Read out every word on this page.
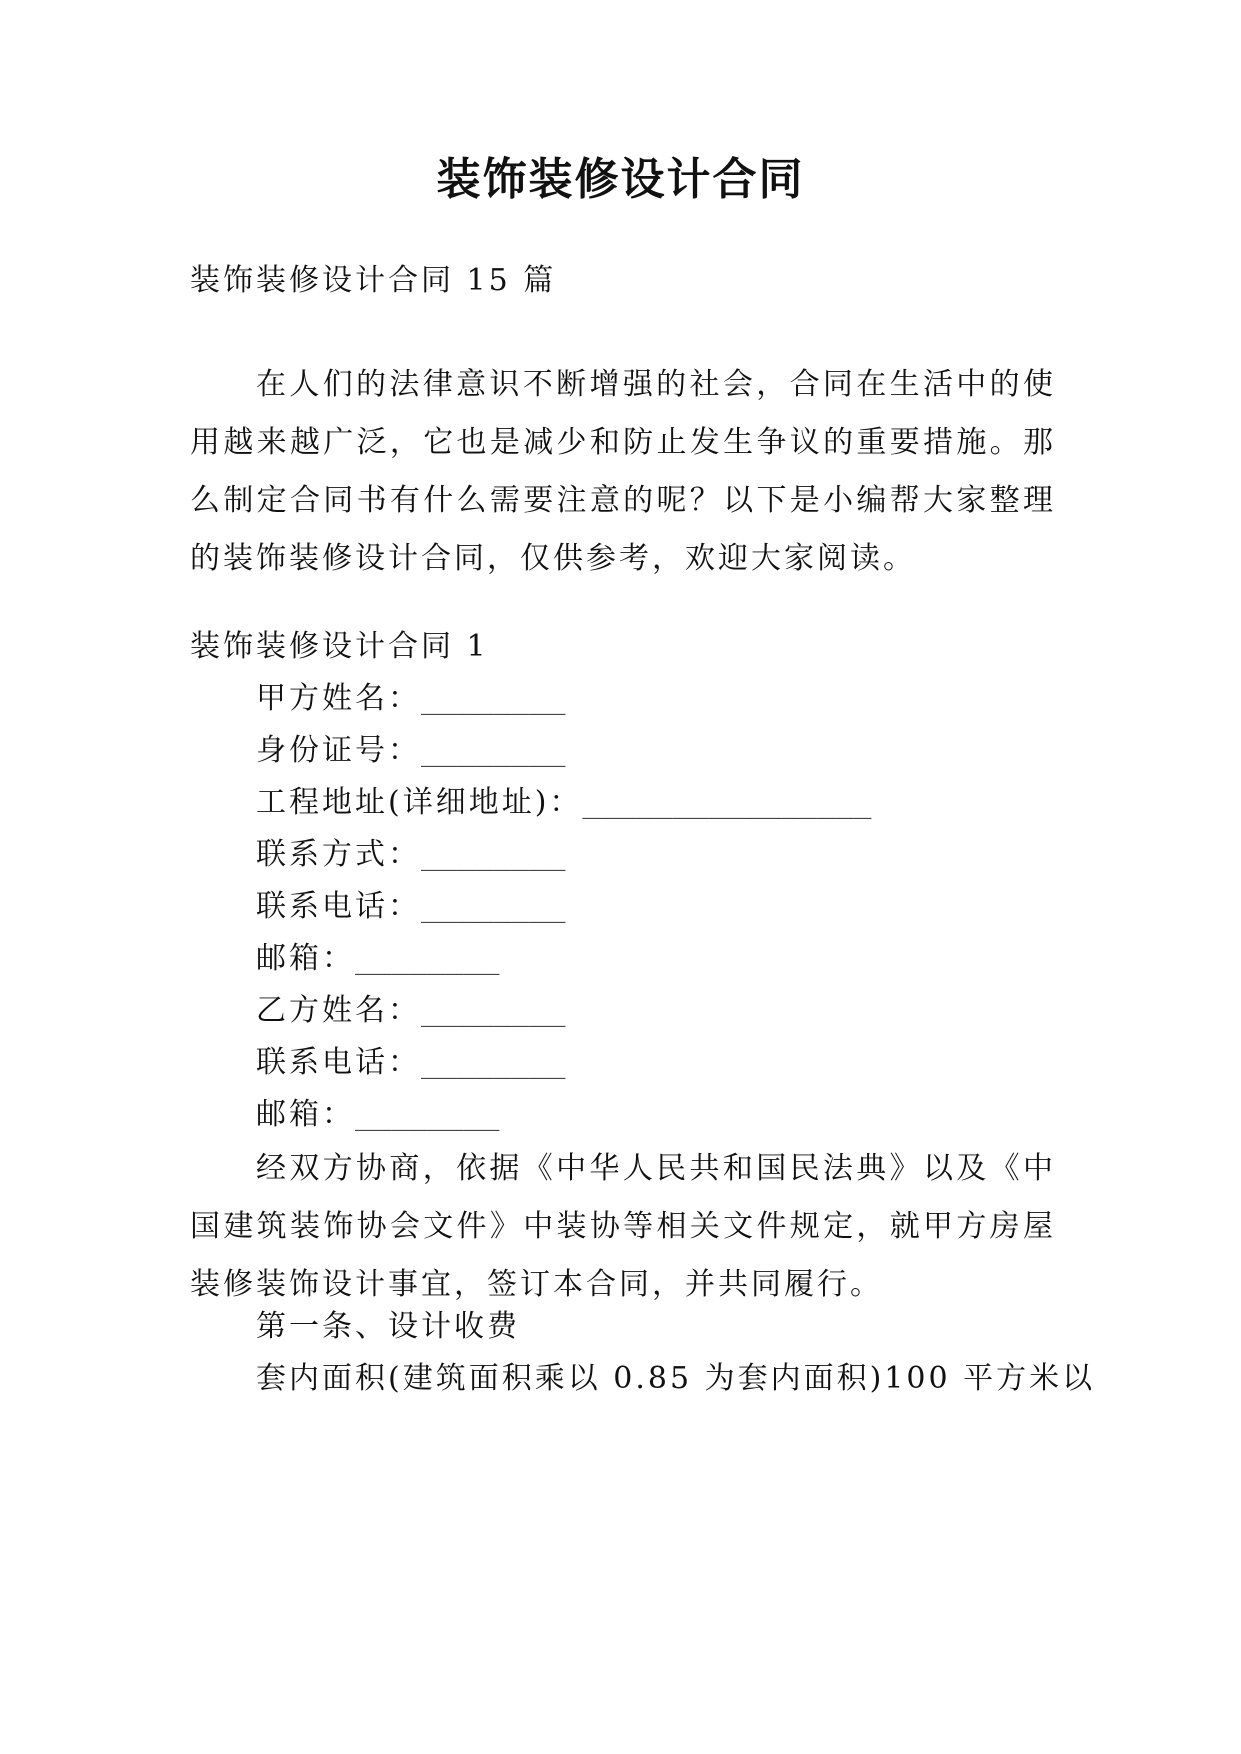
装饰装修设计合同
装饰装修设计合同 15 篇
在人们的法律意识不断增强的社会，合同在生活中的使用越来越广泛，它也是减少和防止发生争议的重要措施。那么制定合同书有什么需要注意的呢？以下是小编帮大家整理的装饰装修设计合同，仅供参考，欢迎大家阅读。
装饰装修设计合同 1
甲方姓名：________
身份证号：________
工程地址(详细地址)：________________
联系方式：________
联系电话：________
邮箱：________
乙方姓名：________
联系电话：________
邮箱：________
经双方协商，依据《中华人民共和国民法典》以及《中国建筑装饰协会文件》中装协等相关文件规定，就甲方房屋装修装饰设计事宜，签订本合同，并共同履行。
第一条、设计收费
套内面积(建筑面积乘以 0.85 为套内面积)100 平方米以
